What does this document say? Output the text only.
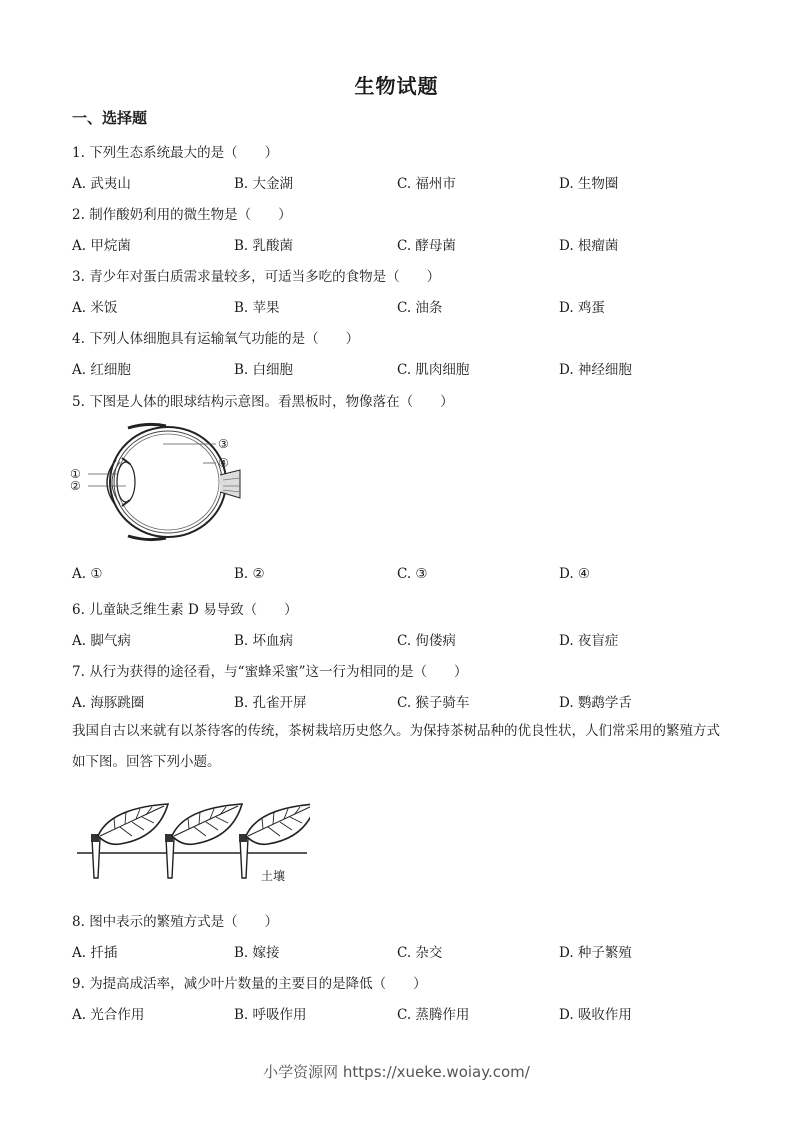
生物试题
一、选择题
1. 下列生态系统最大的是（　　）
A. 武夷山	B. 大金湖	C. 福州市	D. 生物圈
2. 制作酸奶利用的微生物是（　　）
A. 甲烷菌	B. 乳酸菌	C. 酵母菌	D. 根瘤菌
3. 青少年对蛋白质需求量较多，可适当多吃的食物是（　　）
A. 米饭	B. 苹果	C. 油条	D. 鸡蛋
4. 下列人体细胞具有运输氧气功能的是（　　）
A. 红细胞	B. 白细胞	C. 肌肉细胞	D. 神经细胞
5. 下图是人体的眼球结构示意图。看黑板时，物像落在（　　）
③
④
①
②
A. ①	B. ②	C. ③	D. ④
6. 儿童缺乏维生素 D 易导致（　　）
A. 脚气病	B. 坏血病	C. 佝偻病	D. 夜盲症
7. 从行为获得的途径看，与“蜜蜂采蜜”这一行为相同的是（　　）
A. 海豚跳圈	B. 孔雀开屏	C. 猴子骑车	D. 鹦鹉学舌
我国自古以来就有以茶待客的传统，茶树栽培历史悠久。为保持茶树品种的优良性状，人们常采用的繁殖方式如下图。回答下列小题。
土壤
8. 图中表示的繁殖方式是（　　）
A. 扦插	B. 嫁接	C. 杂交	D. 种子繁殖
9. 为提高成活率，减少叶片数量的主要目的是降低（　　）
A. 光合作用	B. 呼吸作用	C. 蒸腾作用	D. 吸收作用
小学资源网 https://xueke.woiay.com/
